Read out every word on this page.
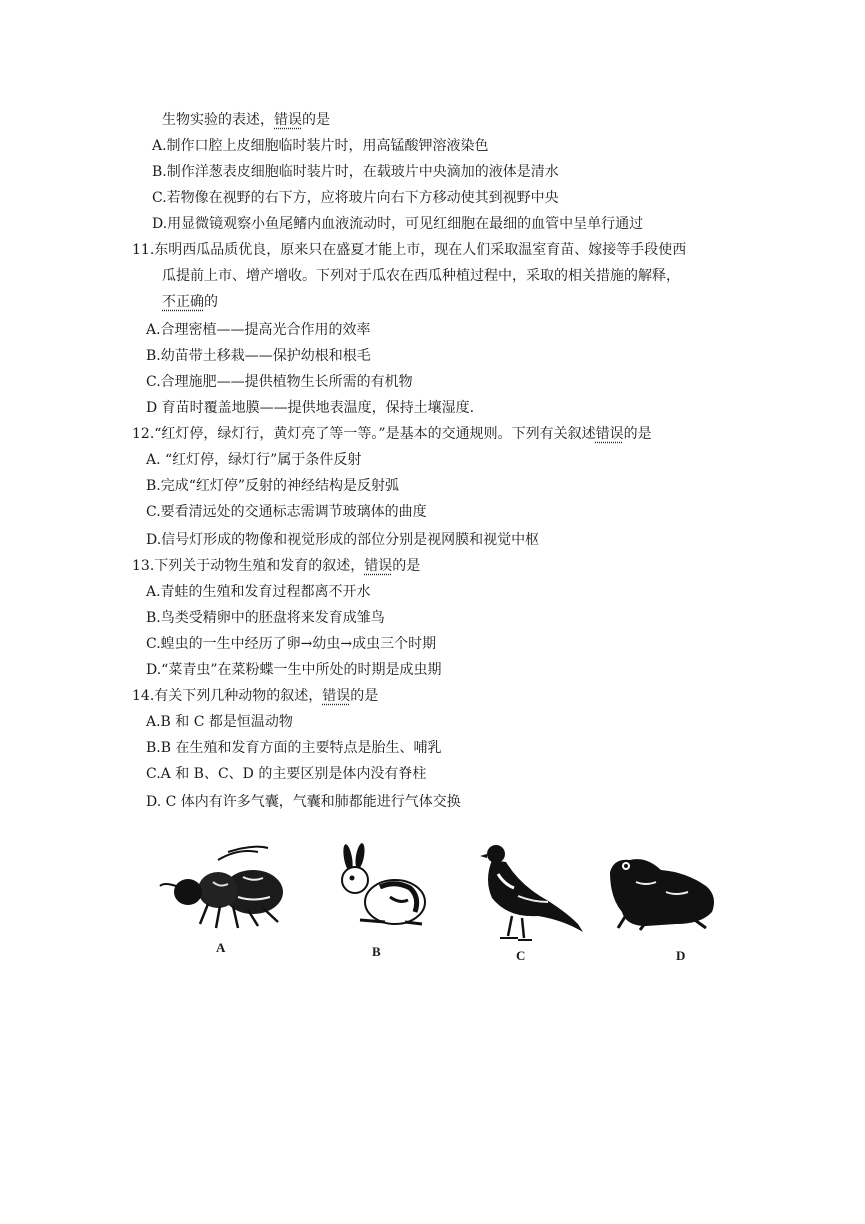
生物实验的表述，错误的是
A.制作口腔上皮细胞临时装片时，用高锰酸钾溶液染色
B.制作洋葱表皮细胞临时装片时，在载玻片中央滴加的液体是清水
C.若物像在视野的右下方，应将玻片向右下方移动使其到视野中央
D.用显微镜观察小鱼尾鳍内血液流动时，可见红细胞在最细的血管中呈单行通过
11.东明西瓜品质优良，原来只在盛夏才能上市，现在人们采取温室育苗、嫁接等手段使西
瓜提前上市、增产增收。下列对于瓜农在西瓜种植过程中，采取的相关措施的解释，
不正确的
A.合理密植——提高光合作用的效率
B.幼苗带土移栽——保护幼根和根毛
C.合理施肥——提供植物生长所需的有机物
D 育苗时覆盖地膜——提供地表温度，保持土壤湿度.
12.“红灯停，绿灯行，黄灯亮了等一等。”是基本的交通规则。下列有关叙述错误的是
A. “红灯停，绿灯行”属于条件反射
B.完成“红灯停”反射的神经结构是反射弧
C.要看清远处的交通标志需调节玻璃体的曲度
D.信号灯形成的物像和视觉形成的部位分别是视网膜和视觉中枢
13.下列关于动物生殖和发育的叙述，错误的是
A.青蛙的生殖和发育过程都离不开水
B.鸟类受精卵中的胚盘将来发育成雏鸟
C.蝗虫的一生中经历了卵→幼虫→成虫三个时期
D.“菜青虫”在菜粉蝶一生中所处的时期是成虫期
14.有关下列几种动物的叙述，错误的是
A.B 和 C 都是恒温动物
B.B 在生殖和发育方面的主要特点是胎生、哺乳
C.A 和 B、C、D 的主要区别是体内没有脊柱
D. C 体内有许多气囊，气囊和肺都能进行气体交换
A	B	C	D
